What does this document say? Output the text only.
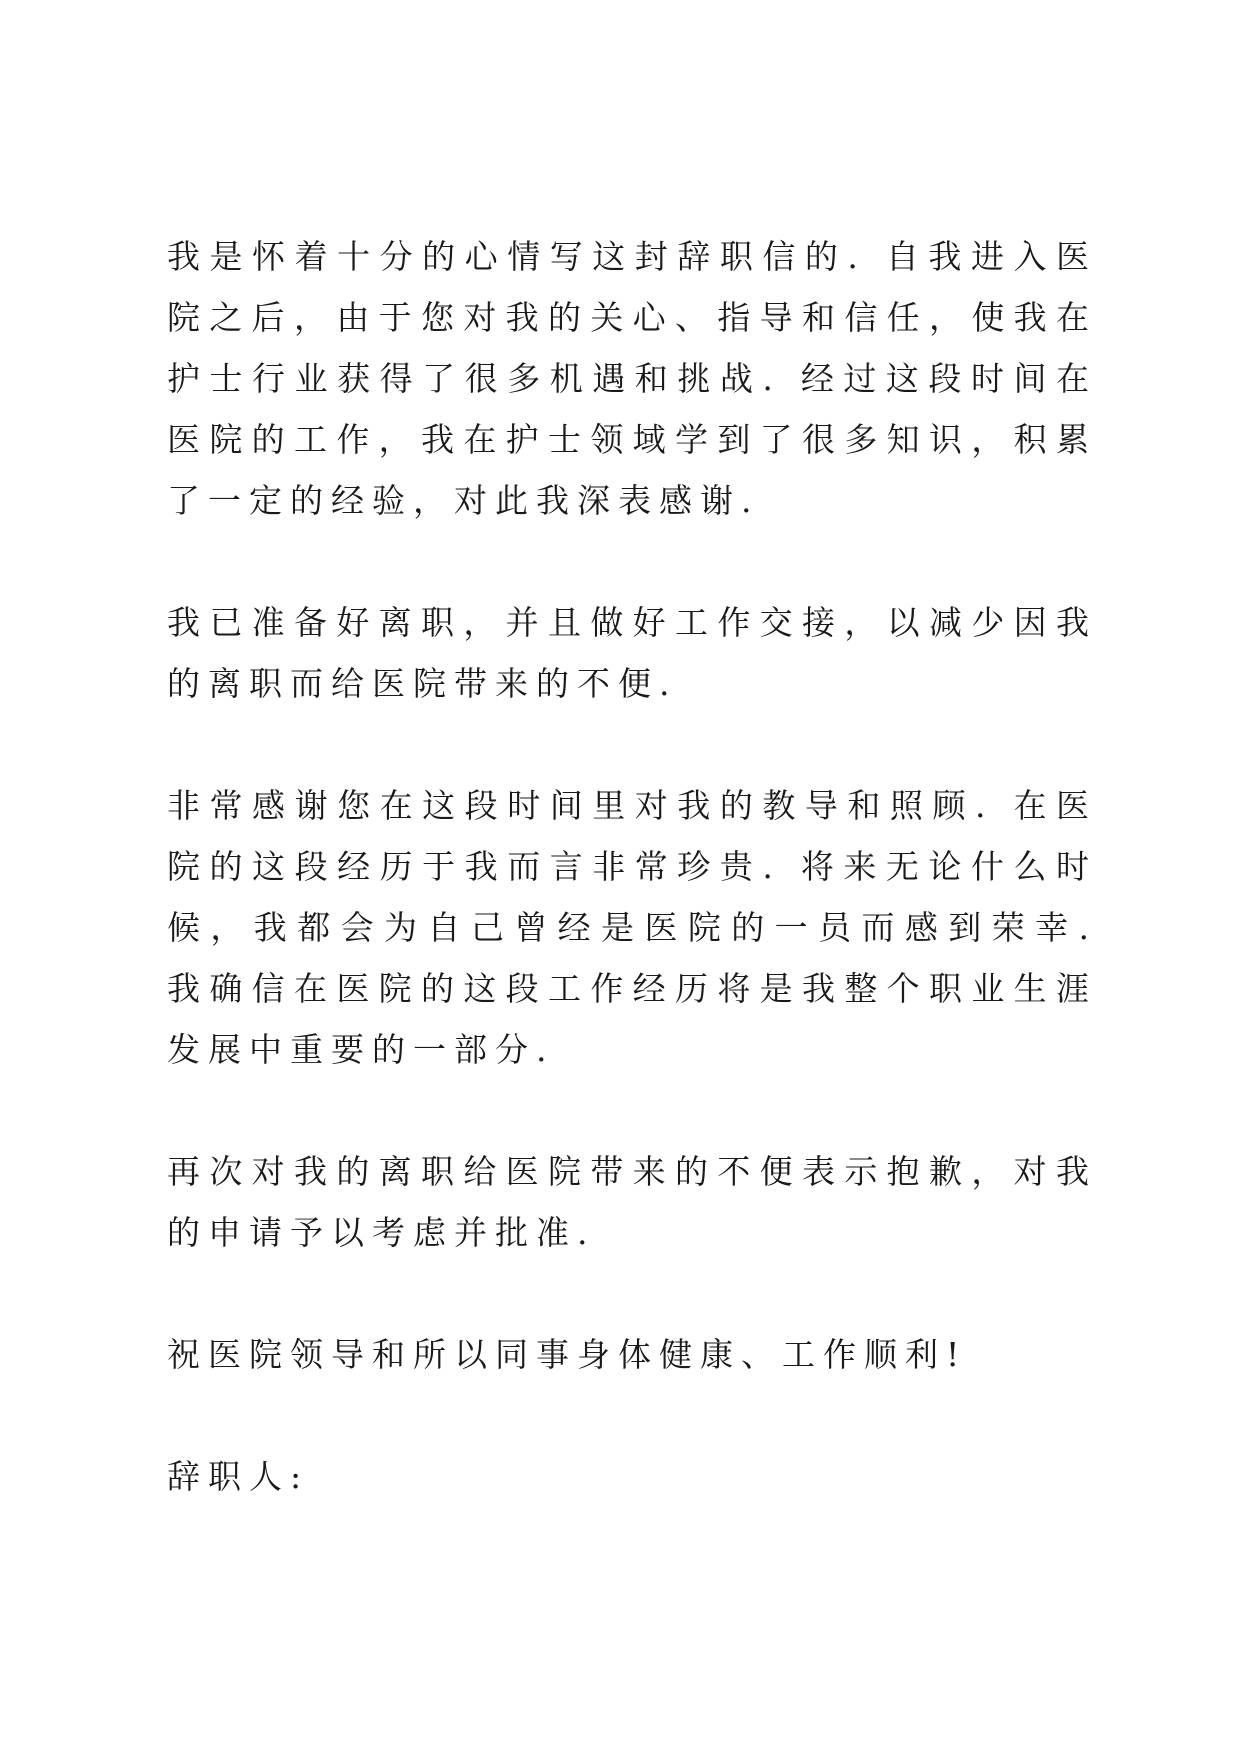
我是怀着十分的心情写这封辞职信的. 自我进入医院之后，由于您对我的关心、指导和信任，使我在护士行业获得了很多机遇和挑战. 经过这段时间在医院的工作，我在护士领域学到了很多知识，积累了一定的经验，对此我深表感谢.

我已准备好离职，并且做好工作交接，以减少因我的离职而给医院带来的不便.

非常感谢您在这段时间里对我的教导和照顾. 在医院的这段经历于我而言非常珍贵. 将来无论什么时候，我都会为自己曾经是医院的一员而感到荣幸. 我确信在医院的这段工作经历将是我整个职业生涯发展中重要的一部分.

再次对我的离职给医院带来的不便表示抱歉，对我的申请予以考虑并批准.

祝医院领导和所以同事身体健康、工作顺利!

辞职人:
